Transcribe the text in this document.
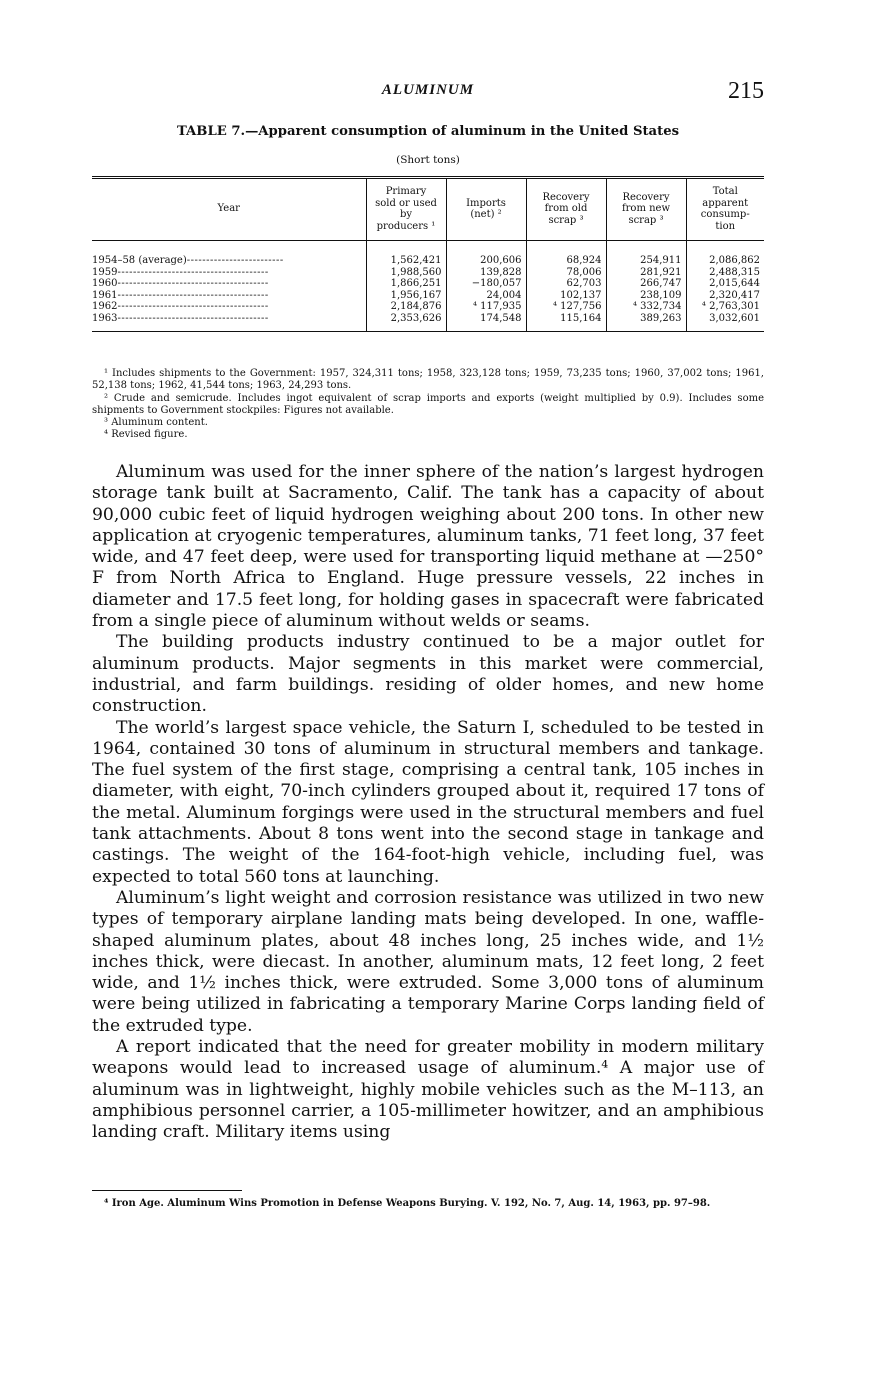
ALUMINUM	215
TABLE 7.—Apparent consumption of aluminum in the United States
(Short tons)
Year	Primary sold or used by producers ¹	Imports (net) ²	Recovery from old scrap ³	Recovery from new scrap ³	Total apparent consump- tion
1954–58 (average)-------------------------	1,562,421	200,606	68,924	254,911	2,086,862
1959---------------------------------------	1,988,560	139,828	78,006	281,921	2,488,315
1960---------------------------------------	1,866,251	−180,057	62,703	266,747	2,015,644
1961---------------------------------------	1,956,167	24,004	102,137	238,109	2,320,417
1962---------------------------------------	2,184,876	⁴ 117,935	⁴ 127,756	⁴ 332,734	⁴ 2,763,301
1963---------------------------------------	2,353,626	174,548	115,164	389,263	3,032,601

¹ Includes shipments to the Government: 1957, 324,311 tons; 1958, 323,128 tons; 1959, 73,235 tons; 1960, 37,002 tons; 1961, 52,138 tons; 1962, 41,544 tons; 1963, 24,293 tons.

² Crude and semicrude. Includes ingot equivalent of scrap imports and exports (weight multiplied by 0.9). Includes some shipments to Government stockpiles: Figures not available.

³ Aluminum content.

⁴ Revised figure.

Aluminum was used for the inner sphere of the nation’s largest hydrogen storage tank built at Sacramento, Calif. The tank has a capacity of about 90,000 cubic feet of liquid hydrogen weighing about 200 tons. In other new application at cryogenic temperatures, aluminum tanks, 71 feet long, 37 feet wide, and 47 feet deep, were used for transporting liquid methane at —250° F from North Africa to England. Huge pressure vessels, 22 inches in diameter and 17.5 feet long, for holding gases in spacecraft were fabricated from a single piece of aluminum without welds or seams.

The building products industry continued to be a major outlet for aluminum products. Major segments in this market were commercial, industrial, and farm buildings. residing of older homes, and new home construction.

The world’s largest space vehicle, the Saturn I, scheduled to be tested in 1964, contained 30 tons of aluminum in structural members and tankage. The fuel system of the first stage, comprising a central tank, 105 inches in diameter, with eight, 70-inch cylinders grouped about it, required 17 tons of the metal. Aluminum forgings were used in the structural members and fuel tank attachments. About 8 tons went into the second stage in tankage and castings. The weight of the 164-foot-high vehicle, including fuel, was expected to total 560 tons at launching.

Aluminum’s light weight and corrosion resistance was utilized in two new types of temporary airplane landing mats being developed. In one, waffle-shaped aluminum plates, about 48 inches long, 25 inches wide, and 1½ inches thick, were diecast. In another, aluminum mats, 12 feet long, 2 feet wide, and 1½ inches thick, were extruded. Some 3,000 tons of aluminum were being utilized in fabricating a temporary Marine Corps landing field of the extruded type.

A report indicated that the need for greater mobility in modern military weapons would lead to increased usage of aluminum.⁴ A major use of aluminum was in lightweight, highly mobile vehicles such as the M–113, an amphibious personnel carrier, a 105-millimeter howitzer, and an amphibious landing craft. Military items using

⁴ Iron Age. Aluminum Wins Promotion in Defense Weapons Burying. V. 192, No. 7, Aug. 14, 1963, pp. 97–98.
